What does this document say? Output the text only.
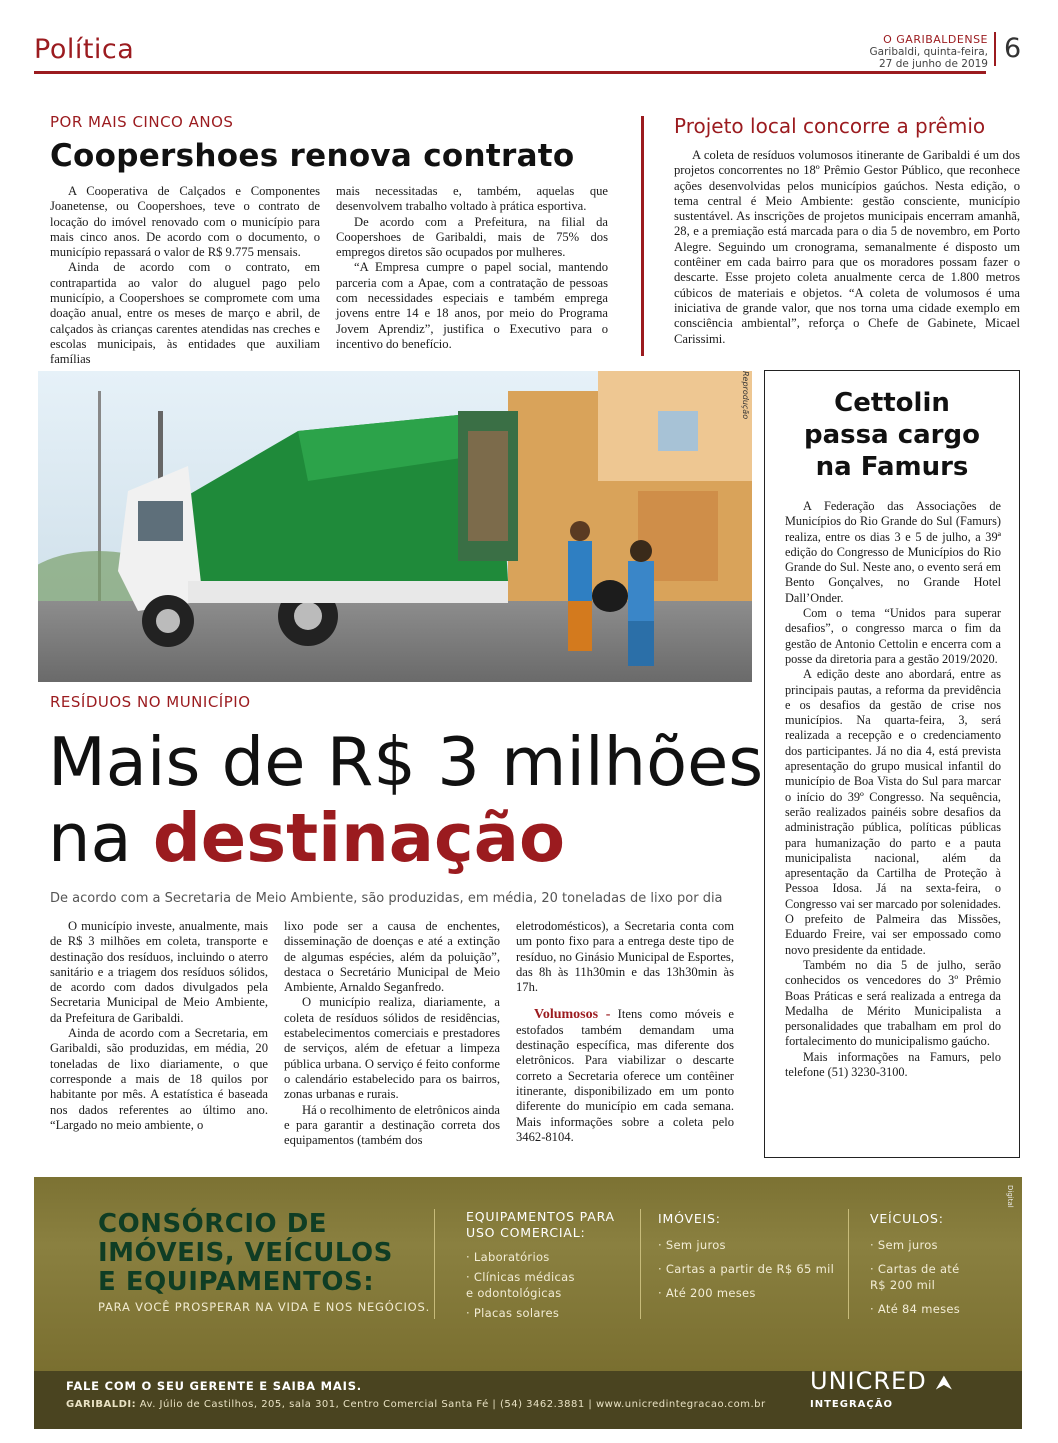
Política	O GARIBALDENSE
Garibaldi, quinta-feira,
27 de junho de 2019 6
POR MAIS CINCO ANOS
Coopershoes renova contrato

A Cooperativa de Calçados e Componentes Joanetense, ou Coopershoes, teve o contrato de locação do imóvel renovado com o município para mais cinco anos. De acordo com o documento, o município repassará o valor de R$ 9.775 mensais.

Ainda de acordo com o contrato, em contrapartida ao valor do aluguel pago pelo município, a Coopershoes se compromete com uma doação anual, entre os meses de março e abril, de calçados às crianças carentes atendidas nas creches e escolas municipais, às entidades que auxiliam famílias

mais necessitadas e, também, aquelas que desenvolvem trabalho voltado à prática esportiva.

De acordo com a Prefeitura, na filial da Coopershoes de Garibaldi, mais de 75% dos empregos diretos são ocupados por mulheres.

“A Empresa cumpre o papel social, mantendo parceria com a Apae, com a contratação de pessoas com necessidades especiais e também emprega jovens entre 14 e 18 anos, por meio do Programa Jovem Aprendiz”, justifica o Executivo para o incentivo do benefício.

Projeto local concorre a prêmio

A coleta de resíduos volumosos itinerante de Garibaldi é um dos projetos concorrentes no 18º Prêmio Gestor Público, que reconhece ações desenvolvidas pelos municípios gaúchos. Nesta edição, o tema central é Meio Ambiente: gestão consciente, município sustentável. As inscrições de projetos municipais encerram amanhã, 28, e a premiação está marcada para o dia 5 de novembro, em Porto Alegre. Seguindo um cronograma, semanalmente é disposto um contêiner em cada bairro para que os moradores possam fazer o descarte. Esse projeto coleta anualmente cerca de 1.800 metros cúbicos de materiais e objetos. “A coleta de volumosos é uma iniciativa de grande valor, que nos torna uma cidade exemplo em consciência ambiental”, reforça o Chefe de Gabinete, Micael Carissimi.

Reprodução
RESÍDUOS NO MUNICÍPIO
Mais de R$ 3 milhões
na destinação
De acordo com a Secretaria de Meio Ambiente, são produzidas, em média, 20 toneladas de lixo por dia

O município investe, anualmente, mais de R$ 3 milhões em coleta, transporte e destinação dos resíduos, incluindo o aterro sanitário e a triagem dos resíduos sólidos, de acordo com dados divulgados pela Secretaria Municipal de Meio Ambiente, da Prefeitura de Garibaldi.

Ainda de acordo com a Secretaria, em Garibaldi, são produzidas, em média, 20 toneladas de lixo diariamente, o que corresponde a mais de 18 quilos por habitante por mês. A estatística é baseada nos dados referentes ao último ano. “Largado no meio ambiente, o

lixo pode ser a causa de enchentes, disseminação de doenças e até a extinção de algumas espécies, além da poluição”, destaca o Secretário Municipal de Meio Ambiente, Arnaldo Seganfredo.

O município realiza, diariamente, a coleta de resíduos sólidos de residências, estabelecimentos comerciais e prestadores de serviços, além de efetuar a limpeza pública urbana. O serviço é feito conforme o calendário estabelecido para os bairros, zonas urbanas e rurais.

Há o recolhimento de eletrônicos ainda e para garantir a destinação correta dos equipamentos (também dos

eletrodomésticos), a Secretaria conta com um ponto fixo para a entrega deste tipo de resíduo, no Ginásio Municipal de Esportes, das 8h às 11h30min e das 13h30min às 17h.

Volumosos - Itens como móveis e estofados também demandam uma destinação específica, mas diferente dos eletrônicos. Para viabilizar o descarte correto a Secretaria oferece um contêiner itinerante, disponibilizado em um ponto diferente do município em cada semana. Mais informações sobre a coleta pelo 3462-8104.

Cettolin
passa cargo
na Famurs

A Federação das Associações de Municípios do Rio Grande do Sul (Famurs) realiza, entre os dias 3 e 5 de julho, a 39ª edição do Congresso de Municípios do Rio Grande do Sul. Neste ano, o evento será em Bento Gonçalves, no Grande Hotel Dall’Onder.

Com o tema “Unidos para superar desafios”, o congresso marca o fim da gestão de Antonio Cettolin e encerra com a posse da diretoria para a gestão 2019/2020.

A edição deste ano abordará, entre as principais pautas, a reforma da previdência e os desafios da gestão de crise nos municípios. Na quarta-feira, 3, será realizada a recepção e o credenciamento dos participantes. Já no dia 4, está prevista apresentação do grupo musical infantil do município de Boa Vista do Sul para marcar o início do 39º Congresso. Na sequência, serão realizados painéis sobre desafios da administração pública, políticas públicas para humanização do parto e a pauta municipalista nacional, além da apresentação da Cartilha de Proteção à Pessoa Idosa. Já na sexta-feira, o Congresso vai ser marcado por solenidades. O prefeito de Palmeira das Missões, Eduardo Freire, vai ser empossado como novo presidente da entidade.

Também no dia 5 de julho, serão conhecidos os vencedores do 3º Prêmio Boas Práticas e será realizada a entrega da Medalha de Mérito Municipalista a personalidades que trabalham em prol do fortalecimento do municipalismo gaúcho.

Mais informações na Famurs, pelo telefone (51) 3230-3100.

CONSÓRCIO DE
IMÓVEIS, VEÍCULOS
E EQUIPAMENTOS:
PARA VOCÊ PROSPERAR NA VIDA E NOS NEGÓCIOS.
EQUIPAMENTOS PARA USO COMERCIAL:
· Laboratórios
· Clínicas médicas e odontológicas
· Placas solares
IMÓVEIS:
· Sem juros
· Cartas a partir de R$ 65 mil
· Até 200 meses
VEÍCULOS:
· Sem juros
· Cartas de até R$ 200 mil
· Até 84 meses
Digital
FALE COM O SEU GERENTE E SAIBA MAIS.
GARIBALDI: Av. Júlio de Castilhos, 205, sala 301, Centro Comercial Santa Fé | (54) 3462.3881 | www.unicredintegracao.com.br
UNICRED ⮝
INTEGRAÇÃO
